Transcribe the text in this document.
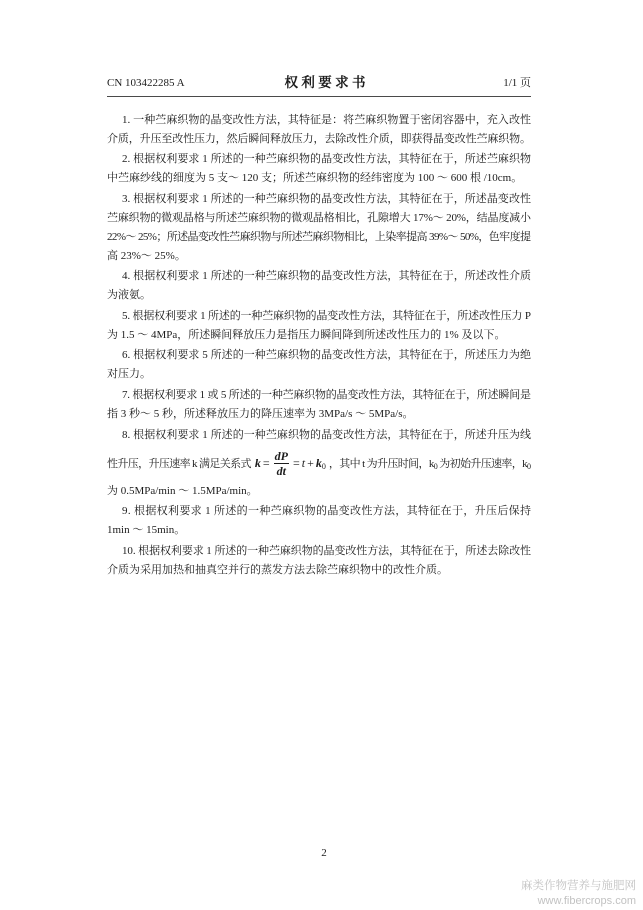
CN 103422285 A	权 利 要 求 书	1/1 页
1. 一种苎麻织物的晶变改性方法，其特征是：将苎麻织物置于密闭容器中，充入改性
介质，升压至改性压力，然后瞬间释放压力，去除改性介质，即获得晶变改性苎麻织物。
2. 根据权利要求 1 所述的一种苎麻织物的晶变改性方法，其特征在于，所述苎麻织物
中苎麻纱线的细度为 5 支～ 120 支；所述苎麻织物的经纬密度为 100 ～ 600 根 /10cm。
3. 根据权利要求 1 所述的一种苎麻织物的晶变改性方法，其特征在于，所述晶变改性
苎麻织物的微观晶格与所述苎麻织物的微观晶格相比，孔隙增大 17%～ 20%，结晶度减小
22%～ 25%；所述晶变改性苎麻织物与所述苎麻织物相比，上染率提高 39%～ 50%，色牢度提
高 23%～ 25%。
4. 根据权利要求 1 所述的一种苎麻织物的晶变改性方法，其特征在于，所述改性介质
为液氨。
5. 根据权利要求 1 所述的一种苎麻织物的晶变改性方法，其特征在于，所述改性压力 P
为 1.5 ～ 4MPa，所述瞬间释放压力是指压力瞬间降到所述改性压力的 1% 及以下。
6. 根据权利要求 5 所述的一种苎麻织物的晶变改性方法，其特征在于，所述压力为绝
对压力。
7. 根据权利要求 1 或 5 所述的一种苎麻织物的晶变改性方法，其特征在于，所述瞬间是
指 3 秒～ 5 秒，所述释放压力的降压速率为 3MPa/s ～ 5MPa/s。
8. 根据权利要求 1 所述的一种苎麻织物的晶变改性方法，其特征在于，所述升压为线
性升压，升压速率 k 满足关系式 $k = \frac{dP}{dt} = t + k_0$ ，其中 t 为升压时间，$k_0$ 为初始升压速率，$k_0$
为 0.5MPa/min ～ 1.5MPa/min。
9. 根据权利要求 1 所述的一种苎麻织物的晶变改性方法，其特征在于，升压后保持
1min ～ 15min。
10. 根据权利要求 1 所述的一种苎麻织物的晶变改性方法，其特征在于，所述去除改性
介质为采用加热和抽真空并行的蒸发方法去除苎麻织物中的改性介质。
2
麻类作物营养与施肥网
www.fibercrops.com
